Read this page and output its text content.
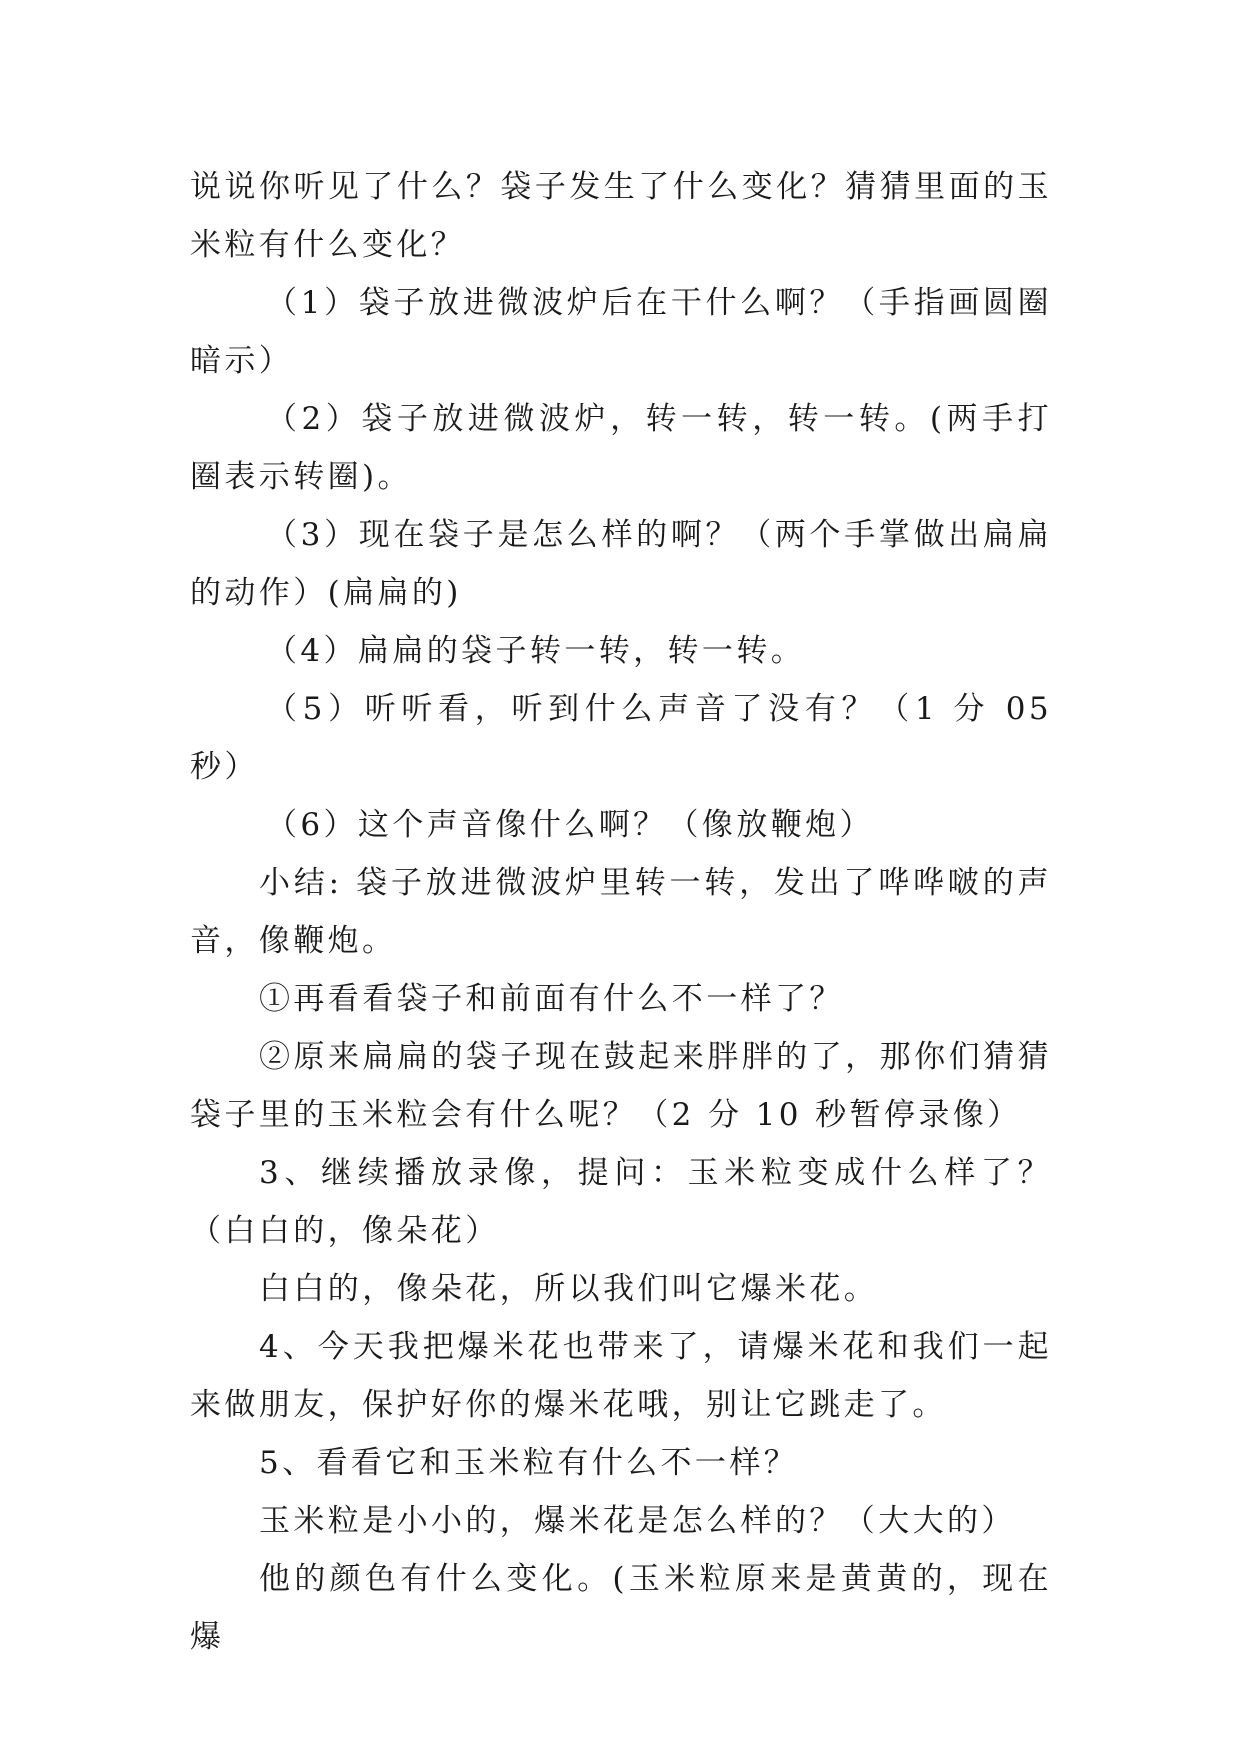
说说你听见了什么？袋子发生了什么变化？猜猜里面的玉米粒有什么变化？

（1）袋子放进微波炉后在干什么啊？（手指画圆圈暗示）

（2）袋子放进微波炉，转一转，转一转。(两手打圈表示转圈)。

（3）现在袋子是怎么样的啊？（两个手掌做出扁扁的动作）(扁扁的)

（4）扁扁的袋子转一转，转一转。

（5）听听看，听到什么声音了没有？（1 分 05 秒）

（6）这个声音像什么啊？（像放鞭炮）

小结: 袋子放进微波炉里转一转，发出了哗哗啵的声音，像鞭炮。

①再看看袋子和前面有什么不一样了？

②原来扁扁的袋子现在鼓起来胖胖的了，那你们猜猜袋子里的玉米粒会有什么呢？（2 分 10 秒暂停录像）

3、继续播放录像，提问：玉米粒变成什么样了？（白白的，像朵花）

白白的，像朵花，所以我们叫它爆米花。

4、今天我把爆米花也带来了，请爆米花和我们一起来做朋友，保护好你的爆米花哦，别让它跳走了。

5、看看它和玉米粒有什么不一样？

玉米粒是小小的，爆米花是怎么样的？（大大的）

他的颜色有什么变化。(玉米粒原来是黄黄的，现在爆
